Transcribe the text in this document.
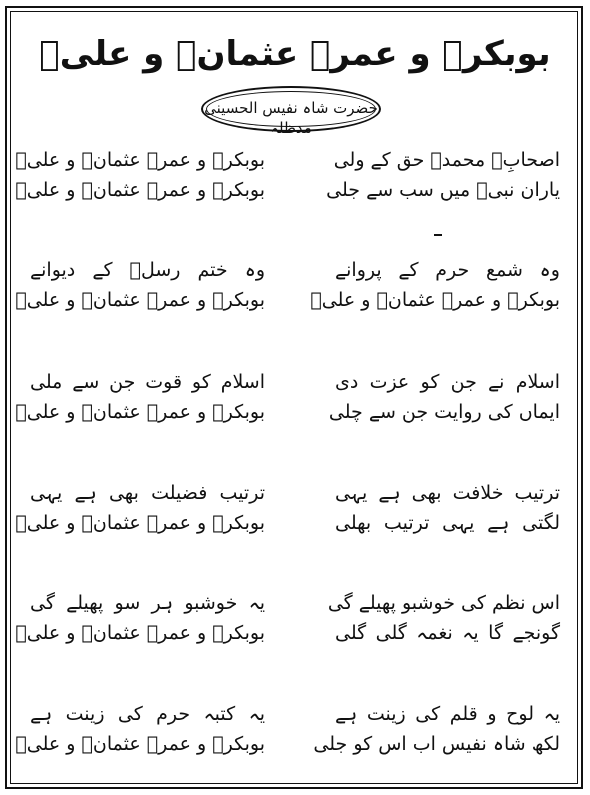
بوبکرؓ و عمرؓ عثمانؓ و علیؓ
حضرت شاہ نفیس الحسینی مدظلہ
اصحابِؓ محمدؐ حق کے ولی
بوبکرؓ و عمرؓ عثمانؓ و علیؓ
یاران نبیؐ میں سب سے جلی
بوبکرؓ و عمرؓ عثمانؓ و علیؓ
وہ شمع حرم کے پروانے
وہ ختم رسلؐ کے دیوانے
بوبکرؓ و عمرؓ عثمانؓ و علیؓ
بوبکرؓ و عمرؓ عثمانؓ و علیؓ
اسلام نے جن کو عزت دی
اسلام کو قوت جن سے ملی
ایماں کی روایت جن سے چلی
بوبکرؓ و عمرؓ عثمانؓ و علیؓ
ترتیب خلافت بھی ہے یہی
ترتیب فضیلت بھی ہے یہی
لگتی ہے یہی ترتیب بھلی
بوبکرؓ و عمرؓ عثمانؓ و علیؓ
اس نظم کی خوشبو پھیلے گی
یہ خوشبو ہر سو پھیلے گی
گونجے گا یہ نغمہ گلی گلی
بوبکرؓ و عمرؓ عثمانؓ و علیؓ
یہ لوح و قلم کی زینت ہے
یہ کتبہ حرم کی زینت ہے
لکھ شاہ نفیس اب اس کو جلی
بوبکرؓ و عمرؓ عثمانؓ و علیؓ
